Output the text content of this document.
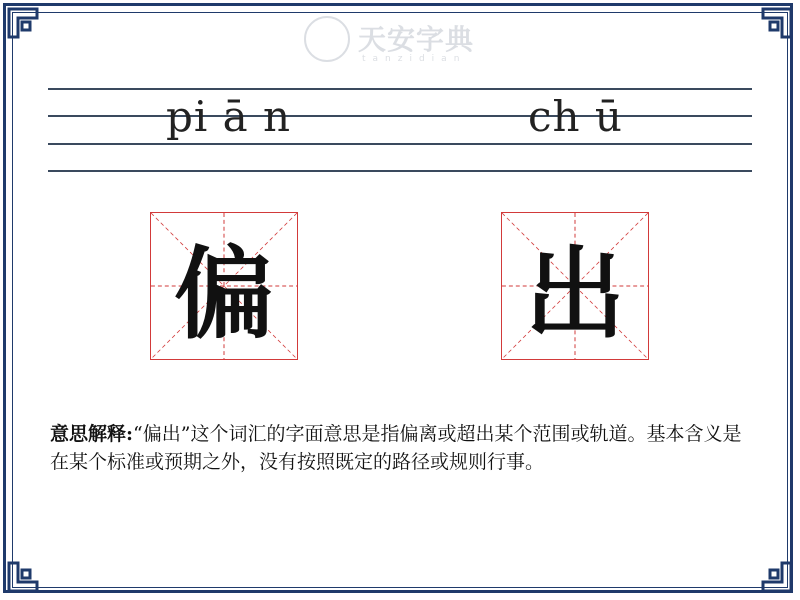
天安字典
tanzidian
pi ā n	ch ū
偏	出
意思解释:“偏出”这个词汇的字面意思是指偏离或超出某个范围或轨道。基本含义是在某个标准或预期之外，没有按照既定的路径或规则行事。
